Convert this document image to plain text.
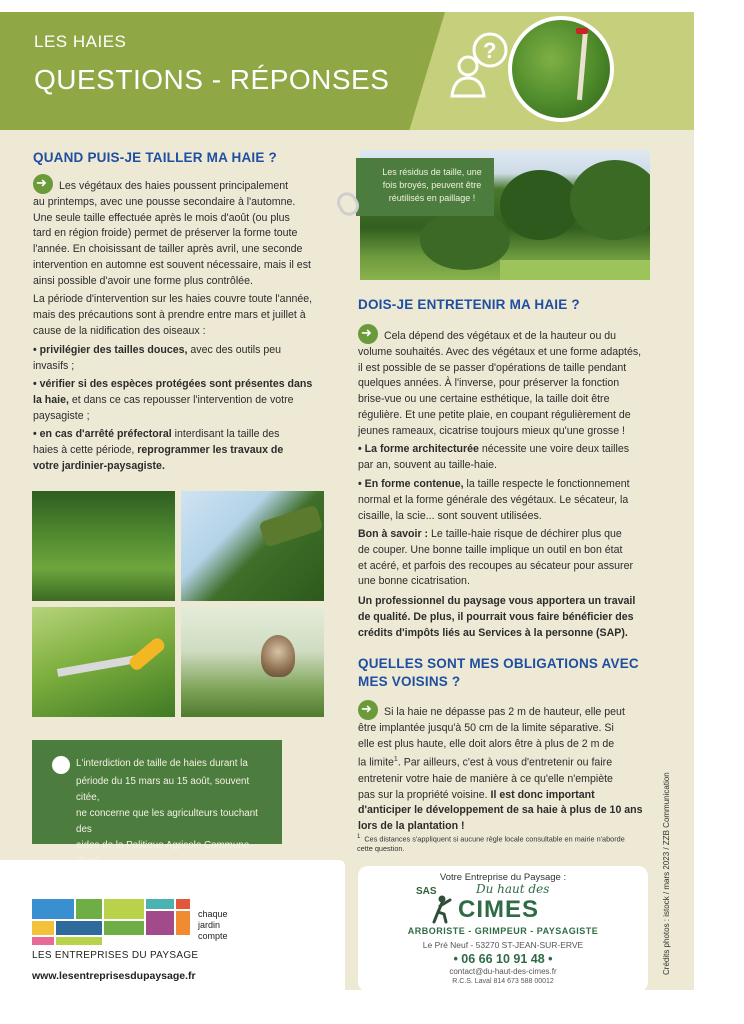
LES HAIES
QUESTIONS - RÉPONSES
?
QUAND PUIS-JE TAILLER MA HAIE ?
➜Les végétaux des haies poussent principalement
au printemps, avec une pousse secondaire à l'automne.
Une seule taille effectuée après le mois d'août (ou plus
tard en région froide) permet de préserver la forme toute
l'année. En choisissant de tailler après avril, une seconde
intervention en automne est souvent nécessaire, mais il est
ainsi possible d'avoir une forme plus contrôlée.
La période d'intervention sur les haies couvre toute l'année,
mais des précautions sont à prendre entre mars et juillet à
cause de la nidification des oiseaux :
• privilégier des tailles douces, avec des outils peu
invasifs ;
• vérifier si des espèces protégées sont présentes dans
la haie, et dans ce cas repousser l'intervention de votre
paysagiste ;
• en cas d'arrêté préfectoral interdisant la taille des
haies à cette période, reprogrammer les travaux de
votre jardinier-paysagiste.
!	L'interdiction de taille de haies durant la
période du 15 mars au 15 août, souvent citée,
ne concerne que les agriculteurs touchant des
aides de la Politique Agricole Commune
chaque
jardin
compte
LES ENTREPRISES DU PAYSAGE
www.lesentreprisesdupaysage.fr
Les résidus de taille, une
fois broyés, peuvent être
réutilisés en paillage !
DOIS-JE ENTRETENIR MA HAIE ?
➜Cela dépend des végétaux et de la hauteur ou du
volume souhaités. Avec des végétaux et une forme adaptés,
il est possible de se passer d'opérations de taille pendant
quelques années. À l'inverse, pour préserver la fonction
brise-vue ou une certaine esthétique, la taille doit être
régulière. Et une petite plaie, en coupant régulièrement de
jeunes rameaux, cicatrise toujours mieux qu'une grosse !
• La forme architecturée nécessite une voire deux tailles
par an, souvent au taille-haie.
• En forme contenue, la taille respecte le fonctionnement
normal et la forme générale des végétaux. Le sécateur, la
cisaille, la scie... sont souvent utilisées.
Bon à savoir : Le taille-haie risque de déchirer plus que
de couper. Une bonne taille implique un outil en bon état
et acéré, et parfois des recoupes au sécateur pour assurer
une bonne cicatrisation.
Un professionnel du paysage vous apportera un travail
de qualité. De plus, il pourrait vous faire bénéficier des
crédits d'impôts liés au Services à la personne (SAP).
QUELLES SONT MES OBLIGATIONS AVEC
MES VOISINS ?
➜Si la haie ne dépasse pas 2 m de hauteur, elle peut
être implantée jusqu'à 50 cm de la limite séparative. Si
elle est plus haute, elle doit alors être à plus de 2 m de
la limite$^1$. Par ailleurs, c'est à vous d'entretenir ou faire
entretenir votre haie de manière à ce qu'elle n'empiète
pas sur la propriété voisine. Il est donc important
d'anticiper le développement de sa haie à plus de 10 ans
lors de la plantation !
$^1$ Ces distances s'appliquent si aucune règle locale consultable en mairie n'aborde
cette question.
Votre Entreprise du Paysage :
SAS	Du haut des
CIMES
ARBORISTE - GRIMPEUR - PAYSAGISTE
Le Pré Neuf - 53270 ST-JEAN-SUR-ERVE
• 06 66 10 91 48 •
contact@du-haut-des-cimes.fr
R.C.S. Laval 814 673 588 00012
Crédits photos : istock / mars 2023 / ZZB Communication
